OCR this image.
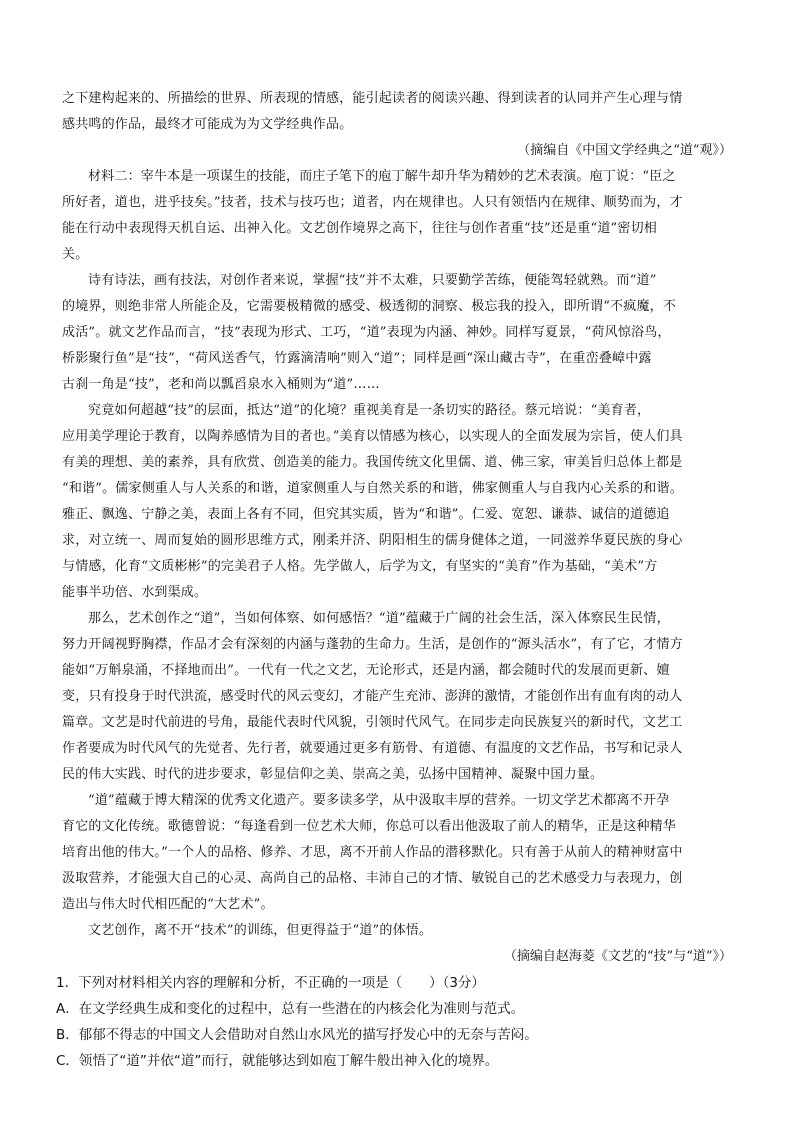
之下建构起来的、所描绘的世界、所表现的情感，能引起读者的阅读兴趣、得到读者的认同并产生心理与情
感共鸣的作品，最终才可能成为为文学经典作品。
（摘编自《中国文学经典之“道”观》）
材料二：宰牛本是一项谋生的技能，而庄子笔下的庖丁解牛却升华为精妙的艺术表演。庖丁说：“臣之
所好者，道也，进乎技矣。”技者，技术与技巧也；道者，内在规律也。人只有领悟内在规律、顺势而为，才
能在行动中表现得天机自运、出神入化。文艺创作境界之高下，往往与创作者重“技”还是重“道”密切相
关。
诗有诗法，画有技法，对创作者来说，掌握“技”并不太难，只要勤学苦练，便能驾轻就熟。而“道”
的境界，则绝非常人所能企及，它需要极精微的感受、极透彻的洞察、极忘我的投入，即所谓“不疯魔，不
成活”。就文艺作品而言，“技”表现为形式、工巧，“道”表现为内涵、神妙。同样写夏景，“荷风惊浴鸟，
桥影聚行鱼”是“技”，“荷风送香气，竹露滴清响”则入“道”；同样是画“深山藏古寺”，在重峦叠嶂中露
古刹一角是“技”，老和尚以瓢舀泉水入桶则为“道”……
究竟如何超越“技”的层面，抵达“道”的化境？重视美育是一条切实的路径。蔡元培说：“美育者，
应用美学理论于教育，以陶养感情为目的者也。”美育以情感为核心，以实现人的全面发展为宗旨，使人们具
有美的理想、美的素养，具有欣赏、创造美的能力。我国传统文化里儒、道、佛三家，审美旨归总体上都是
“和谐”。儒家侧重人与人关系的和谐，道家侧重人与自然关系的和谐，佛家侧重人与自我内心关系的和谐。
雅正、飘逸、宁静之美，表面上各有不同，但究其实质，皆为“和谐”。仁爱、宽恕、谦恭、诚信的道德追
求，对立统一、周而复始的圆形思维方式，刚柔并济、阴阳相生的儒身健体之道，一同滋养华夏民族的身心
与情感，化育“文质彬彬”的完美君子人格。先学做人，后学为文，有坚实的“美育”作为基础，“美术”方
能事半功倍、水到渠成。
那么，艺术创作之“道”，当如何体察、如何感悟？“道”蕴藏于广阔的社会生活，深入体察民生民情，
努力开阔视野胸襟，作品才会有深刻的内涵与蓬勃的生命力。生活，是创作的“源头活水”，有了它，才情方
能如“万斛泉涌，不择地而出”。一代有一代之文艺，无论形式，还是内涵，都会随时代的发展而更新、嬗
变，只有投身于时代洪流，感受时代的风云变幻，才能产生充沛、澎湃的激情，才能创作出有血有肉的动人
篇章。文艺是时代前进的号角，最能代表时代风貌，引领时代风气。在同步走向民族复兴的新时代，文艺工
作者要成为时代风气的先觉者、先行者，就要通过更多有筋骨、有道德、有温度的文艺作品，书写和记录人
民的伟大实践、时代的进步要求，彰显信仰之美、崇高之美，弘扬中国精神、凝聚中国力量。
“道”蕴藏于博大精深的优秀文化遗产。要多读多学，从中汲取丰厚的营养。一切文学艺术都离不开孕
育它的文化传统。歌德曾说：“每逢看到一位艺术大师，你总可以看出他汲取了前人的精华，正是这种精华
培育出他的伟大。”一个人的品格、修养、才思，离不开前人作品的潜移默化。只有善于从前人的精神财富中
汲取营养，才能强大自己的心灵、高尚自己的品格、丰沛自己的才情、敏锐自己的艺术感受力与表现力，创
造出与伟大时代相匹配的“大艺术”。
文艺创作，离不开“技术”的训练，但更得益于“道”的体悟。
（摘编自赵海菱《文艺的“技”与“道”》）
1．下列对材料相关内容的理解和分析，不正确的一项是（　　）（3分）
A．在文学经典生成和变化的过程中，总有一些潜在的内核会化为准则与范式。
B．郁郁不得志的中国文人会借助对自然山水风光的描写抒发心中的无奈与苦闷。
C．领悟了“道”并依“道”而行，就能够达到如庖丁解牛般出神入化的境界。
